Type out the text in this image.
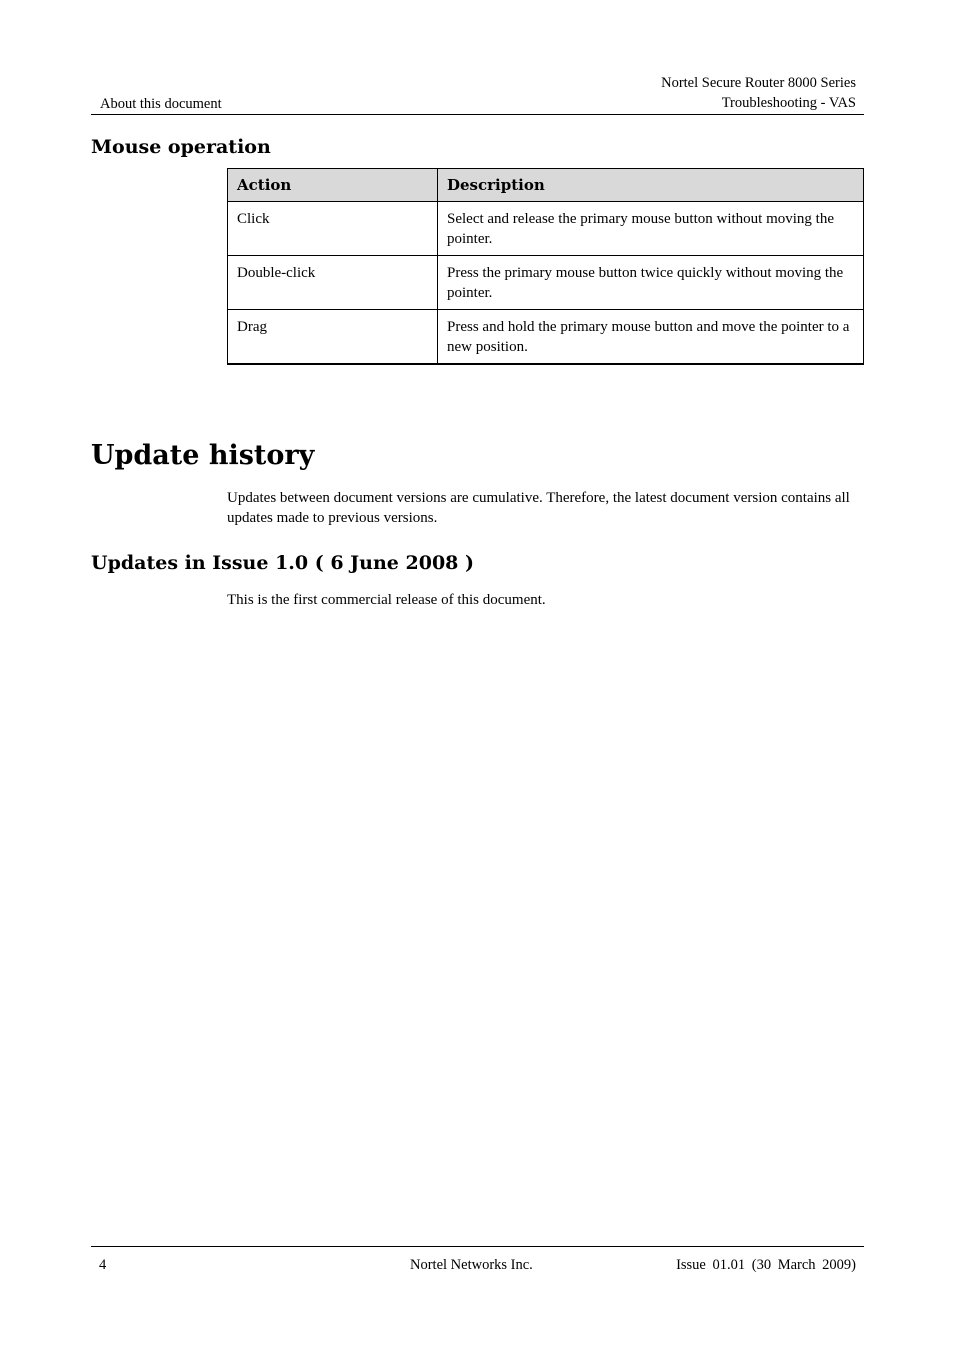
About this document
Nortel Secure Router 8000 Series
Troubleshooting - VAS
Mouse operation
Action	Description
Click	Select and release the primary mouse button without moving the pointer.
Double-click	Press the primary mouse button twice quickly without moving the pointer.
Drag	Press and hold the primary mouse button and move the pointer to a new position.
Update history
Updates between document versions are cumulative. Therefore, the latest document version contains all updates made to previous versions.
Updates in Issue 1.0 ( 6 June 2008 )
This is the first commercial release of this document.
4	Nortel Networks Inc.	Issue 01.01 (30 March 2009)
